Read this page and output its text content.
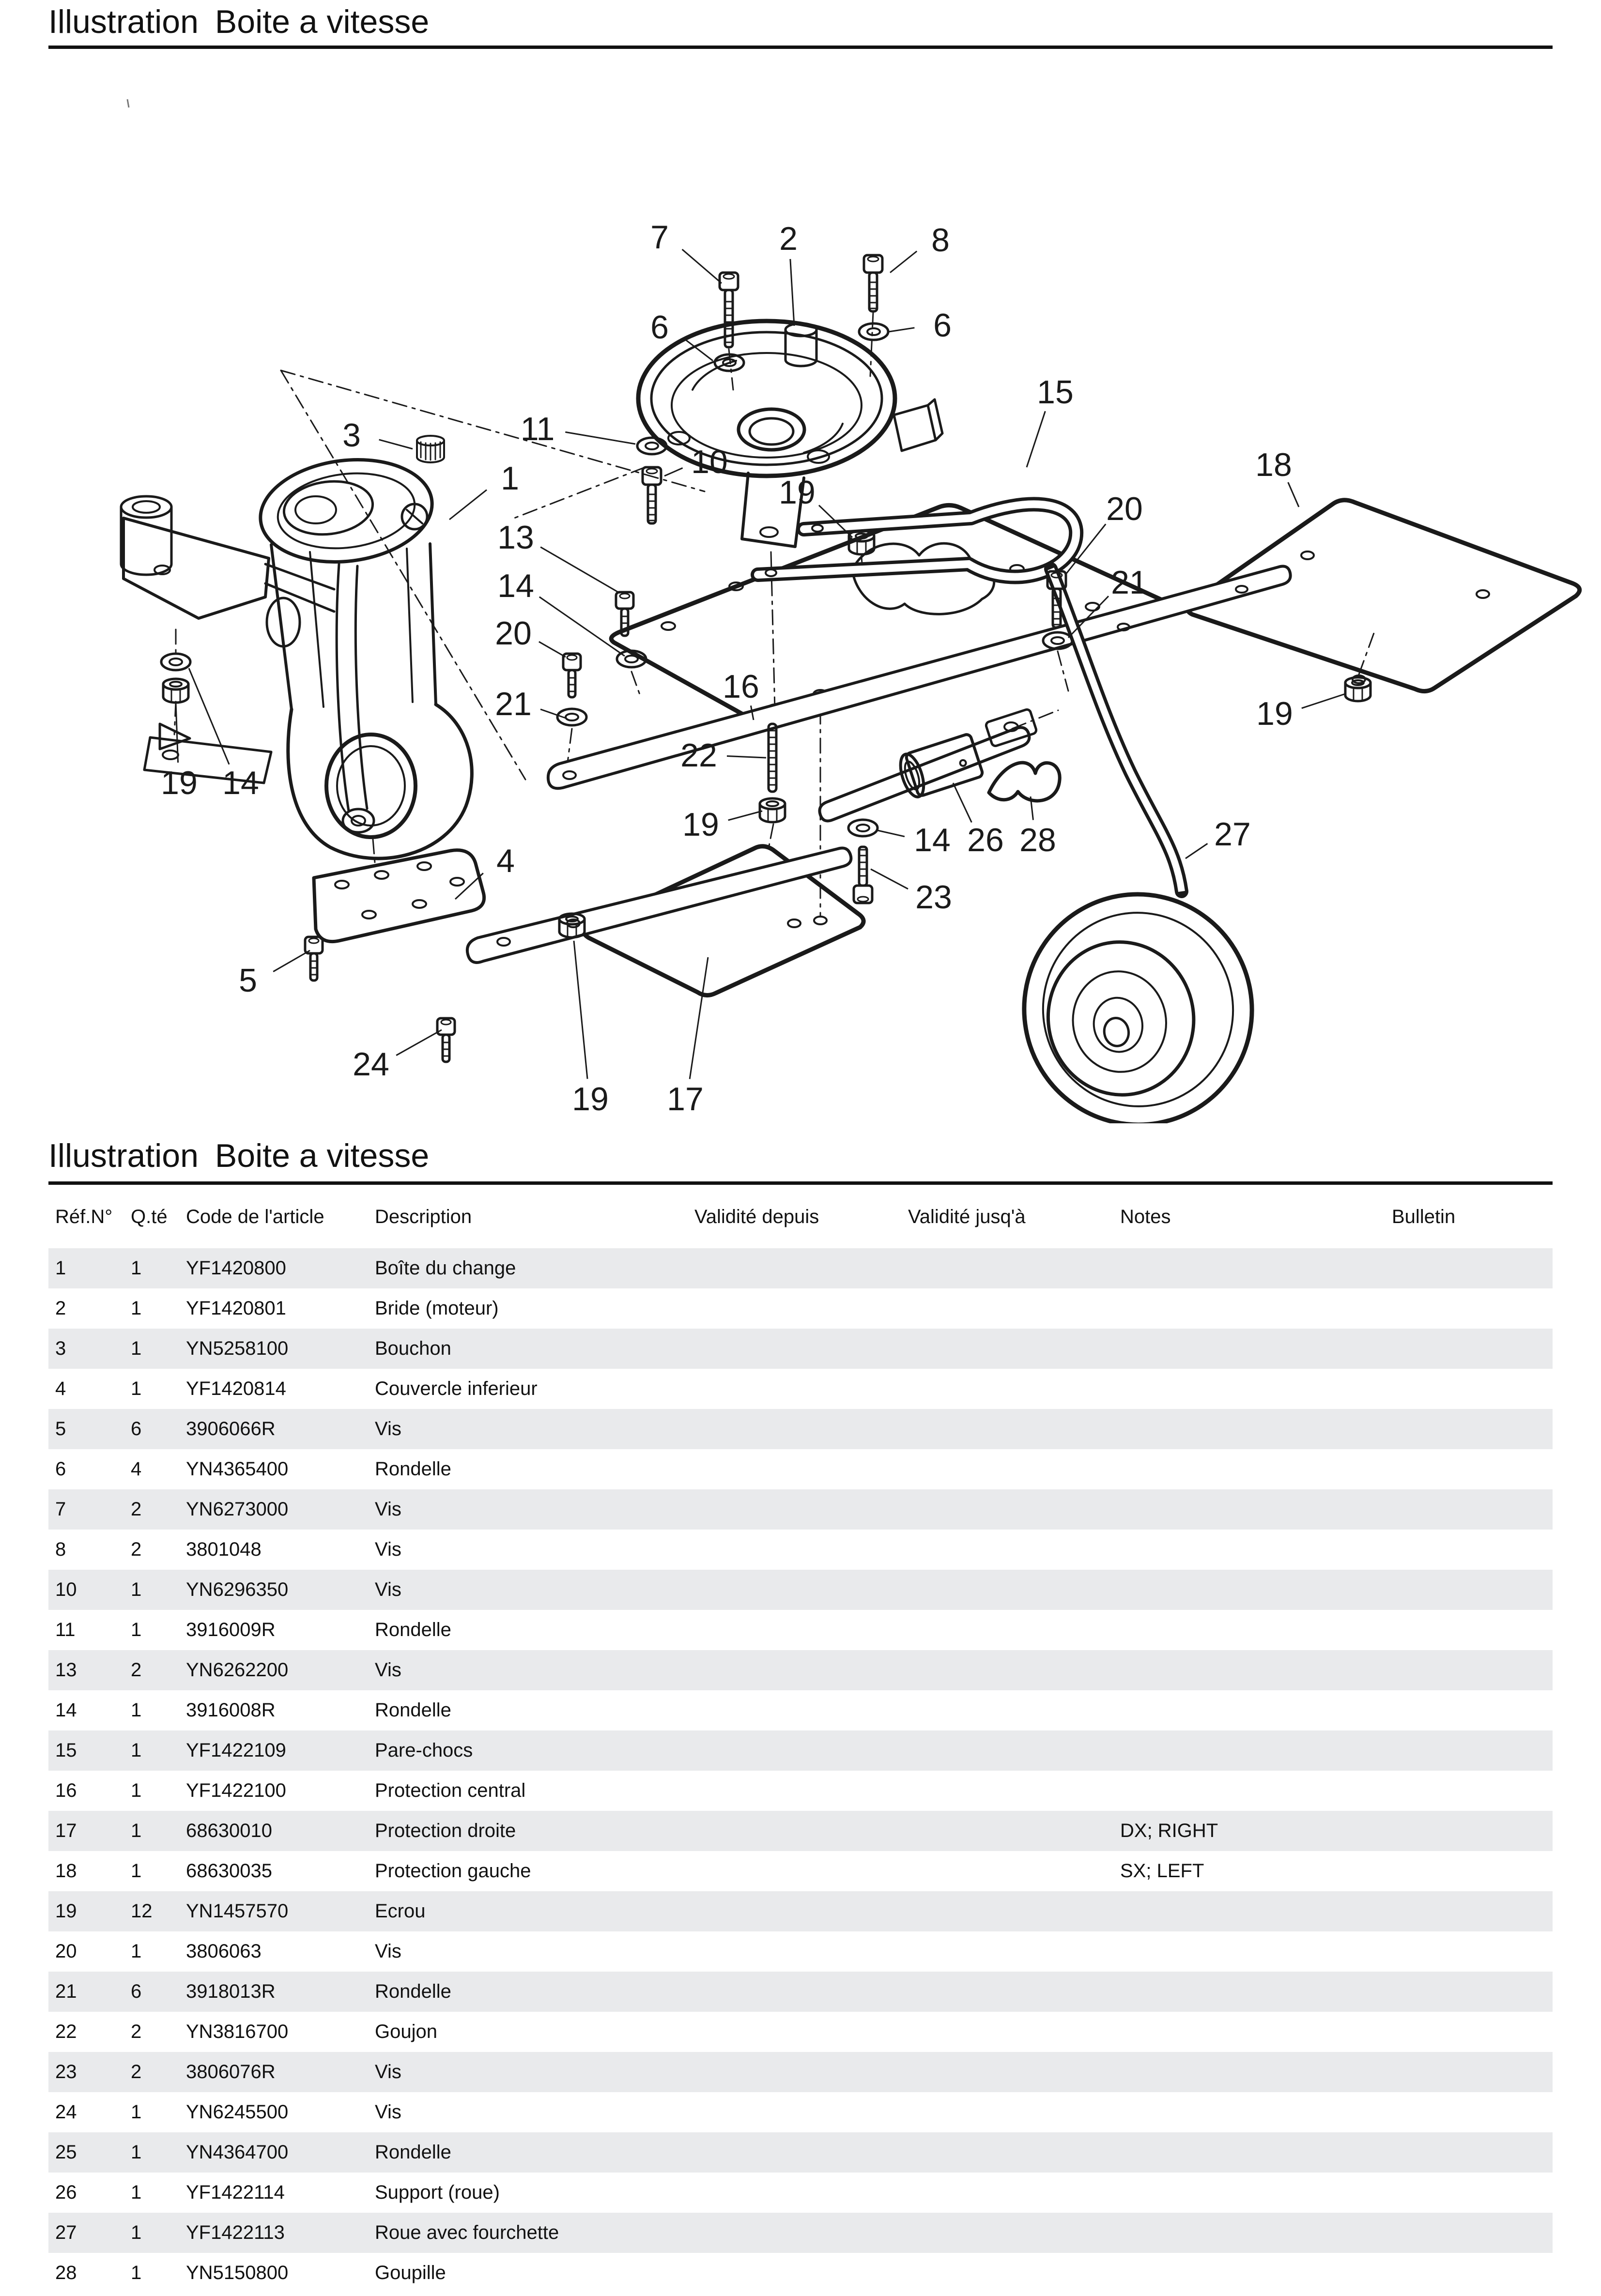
Illustration Boite a vitesse
7	2	8
6	6
15
3	11
10
1	19
18
20
21
13
14
16
20
21
19 14
22
19
4
14 26 28
23
27
5
24
19 17
19
Illustration Boite a vitesse
Réf.N°	Q.té	Code de l'article	Description	Validité depuis	Validité jusq'à	Notes	Bulletin
1	1	YF1420800	Boîte du change				
2	1	YF1420801	Bride (moteur)				
3	1	YN5258100	Bouchon				
4	1	YF1420814	Couvercle inferieur				
5	6	3906066R	Vis				
6	4	YN4365400	Rondelle				
7	2	YN6273000	Vis				
8	2	3801048	Vis				
10	1	YN6296350	Vis				
11	1	3916009R	Rondelle				
13	2	YN6262200	Vis				
14	1	3916008R	Rondelle				
15	1	YF1422109	Pare-chocs				
16	1	YF1422100	Protection central				
17	1	68630010	Protection droite			DX; RIGHT	
18	1	68630035	Protection gauche			SX; LEFT	
19	12	YN1457570	Ecrou				
20	1	3806063	Vis				
21	6	3918013R	Rondelle				
22	2	YN3816700	Goujon				
23	2	3806076R	Vis				
24	1	YN6245500	Vis				
25	1	YN4364700	Rondelle				
26	1	YF1422114	Support (roue)				
27	1	YF1422113	Roue avec fourchette				
28	1	YN5150800	Goupille				
